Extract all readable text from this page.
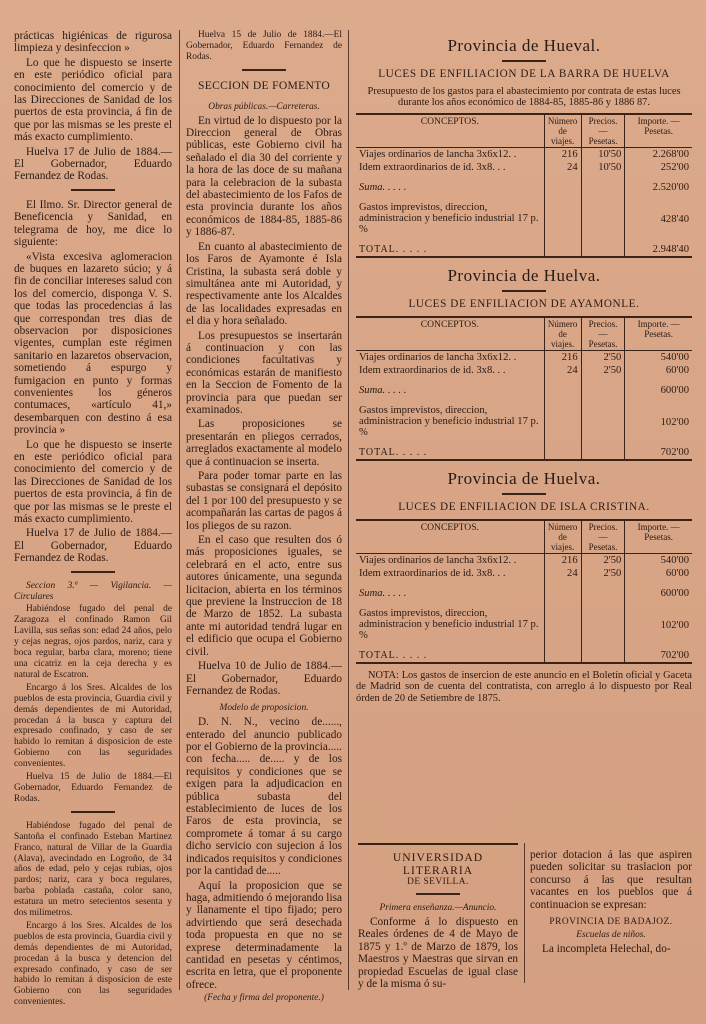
prácticas higiénicas de rigurosa limpieza y desinfeccion »

Lo que he dispuesto se inserte en este periódico oficial para conocimiento del comercio y de las Direcciones de Sanidad de los puertos de esta provincia, á fin de que por las mismas se les preste el más exacto cumplimiento.

Huelva 17 de Julio de 1884.— El Gobernador, Eduardo Fernandez de Rodas.

El Ilmo. Sr. Director general de Beneficencia y Sanidad, en telegrama de hoy, me dice lo siguiente:

«Vista excesiva aglomeracion de buques en lazareto súcio; y á fin de conciliar intereses salud con los del comercio, disponga V. S. que todas las procedencias á las que correspondan tres dias de observacion por disposiciones vigentes, cumplan este régimen sanitario en lazaretos observacion, sometiendo á espurgo y fumigacion en punto y formas convenientes los géneros contumaces, «artículo 41,» desembarquen con destino á esa provincia »

Lo que he dispuesto se inserte en este periódico oficial para conocimiento del comercio y de las Direcciones de Sanidad de los puertos de esta provincia, á fin de que por las mismas se le preste el más exacto cumplimiento.

Huelva 17 de Julio de 1884.— El Gobernador, Eduardo Fernandez de Rodas.

Seccion 3.ª — Vigilancia. — Circulares

Habiéndose fugado del penal de Zaragoza el confinado Ramon Gil Lavilla, sus señas son: edad 24 años, pelo y cejas negras, ojos pardos, nariz, cara y boca regular, barba clara, moreno; tiene una cicatriz en la ceja derecha y es natural de Escatron.

Encargo á los Sres. Alcaldes de los pueblos de esta provincia, Guardia civil y demás dependientes de mi Autoridad, procedan á la busca y captura del expresado confinado, y caso de ser habido lo remitan á disposicion de este Gobierno con las seguridades convenientes.

Huelva 15 de Julio de 1884.—El Gobernador, Eduardo Fernandez de Rodas.

Habiéndose fugado del penal de Santoña el confinado Esteban Martinez Franco, natural de Villar de la Guardia (Alava), avecindado en Logroño, de 34 años de edad, pelo y cejas rubias, ojos pardos; nariz, cara y boca regulares, barba poblada castaña, color sano, estatura un metro setecientos sesenta y dos milímetros.

Encargo á los Sres. Alcaldes de los pueblos de esta provincia, Guardia civil y demás dependientes de mi Autoridad, procedan á la busca y detencion del expresado confinado, y caso de ser habido lo remitan á disposicion de este Gobierno con las seguridades convenientes.

Huelva 15 de Julio de 1884.—El Gobernador, Eduardo Fernandez de Rodas.

SECCION DE FOMENTO

Obras públicas.—Carreteras.

En virtud de lo dispuesto por la Direccion general de Obras públicas, este Gobierno civil ha señalado el dia 30 del corriente y la hora de las doce de su mañana para la celebracion de la subasta del abastecimiento de los Fafos de esta provincia durante los años económicos de 1884-85, 1885-86 y 1886-87.

En cuanto al abastecimiento de los Faros de Ayamonte é Isla Cristina, la subasta será doble y simultánea ante mi Autoridad, y respectivamente ante los Alcaldes de las localidades expresadas en el dia y hora señalado.

Los presupuestos se insertarán á continuacion y con las condiciones facultativas y económicas estarán de manifiesto en la Seccion de Fomento de la provincia para que puedan ser examinados.

Las proposiciones se presentarán en pliegos cerrados, arreglados exactamente al modelo que á continuacion se inserta.

Para poder tomar parte en las subastas se consignará el depósito del 1 por 100 del presupuesto y se acompañarán las cartas de pagos á los pliegos de su razon.

En el caso que resulten dos ó más proposiciones iguales, se celebrará en el acto, entre sus autores únicamente, una segunda licitacion, abierta en los términos que previene la Instruccion de 18 de Marzo de 1852. La subasta ante mi autoridad tendrá lugar en el edificio que ocupa el Gobierno civil.

Huelva 10 de Julio de 1884.— El Gobernador, Eduardo Fernandez de Rodas.

Modelo de proposicion.

D. N. N., vecino de......, enterado del anuncio publicado por el Gobierno de la provincia..... con fecha..... de..... y de los requisitos y condiciones que se exigen para la adjudicacion en pública subasta del establecimiento de luces de los Faros de esta provincia, se compromete á tomar á su cargo dicho servicio con sujecion á los indicados requisitos y condiciones por la cantidad de.....

Aquí la proposicion que se haga, admitiendo ó mejorando lisa y llanamente el tipo fijado; pero advirtiendo que será desechada toda propuesta en que no se exprese determinadamente la cantidad en pesetas y céntimos, escrita en letra, que el proponente ofrece.

(Fecha y firma del proponente.)

Provincia de Hueval.
LUCES DE ENFILIACION DE LA BARRA DE HUELVA

Presupuesto de los gastos para el abastecimiento por contrata de estas luces durante los años económico de 1884-85, 1885-86 y 1886 87.

CONCEPTOS.	Número de viajes.	Precios. — Pesetas.	Importe. — Pesetas.
Viajes ordinarios de lancha 3x6x12. .	216	10'50	2.268'00
Idem extraordinarios de id. 3x8. . .	24	10'50	252'00
Suma. . . . .			2.520'00
Gastos imprevistos, direccion, administracion y beneficio industrial 17 p. %			428'40
TOTAL. . . . .			2.948'40
Provincia de Huelva.
LUCES DE ENFILIACION DE AYAMONLE.
CONCEPTOS.	Número de viajes.	Precios. — Pesetas.	Importe. — Pesetas.
Viajes ordinarios de lancha 3x6x12. .	216	2'50	540'00
Idem extraordinarios de id. 3x8. . .	24	2'50	60'00
Suma. . . . .			600'00
Gastos imprevistos, direccion, administracion y beneficio industrial 17 p. %			102'00
TOTAL. . . . .			702'00
Provincia de Huelva.
LUCES DE ENFILIACION DE ISLA CRISTINA.
CONCEPTOS.	Número de viajes.	Precios. — Pesetas.	Importe. — Pesetas.
Viajes ordinarios de lancha 3x6x12. .	216	2'50	540'00
Idem extraordinarios de id. 3x8. . .	24	2'50	60'00
Suma. . . . .			600'00
Gastos imprevistos, direccion, administracion y beneficio industrial 17 p. %			102'00
TOTAL. . . . .			702'00

NOTA: Los gastos de insercion de este anuncio en el Boletín oficial y Gaceta de Madrid son de cuenta del contratista, con arreglo á lo dispuesto por Real órden de 20 de Setiembre de 1875.

UNIVERSIDAD LITERARIA
DE SEVILLA.

Primera enseñanza.—Anuncio.

Conforme á lo dispuesto en Reales órdenes de 4 de Mayo de 1875 y 1.º de Marzo de 1879, los Maestros y Maestras que sirvan en propiedad Escuelas de igual clase y de la misma ó su-

perior dotacion á las que aspiren pueden solicitar su traslacion por concurso á las que resultan vacantes en los pueblos que á continuacion se expresan:

PROVINCIA DE BADAJOZ.

Escuelas de niños.

La incompleta Helechal, do-
